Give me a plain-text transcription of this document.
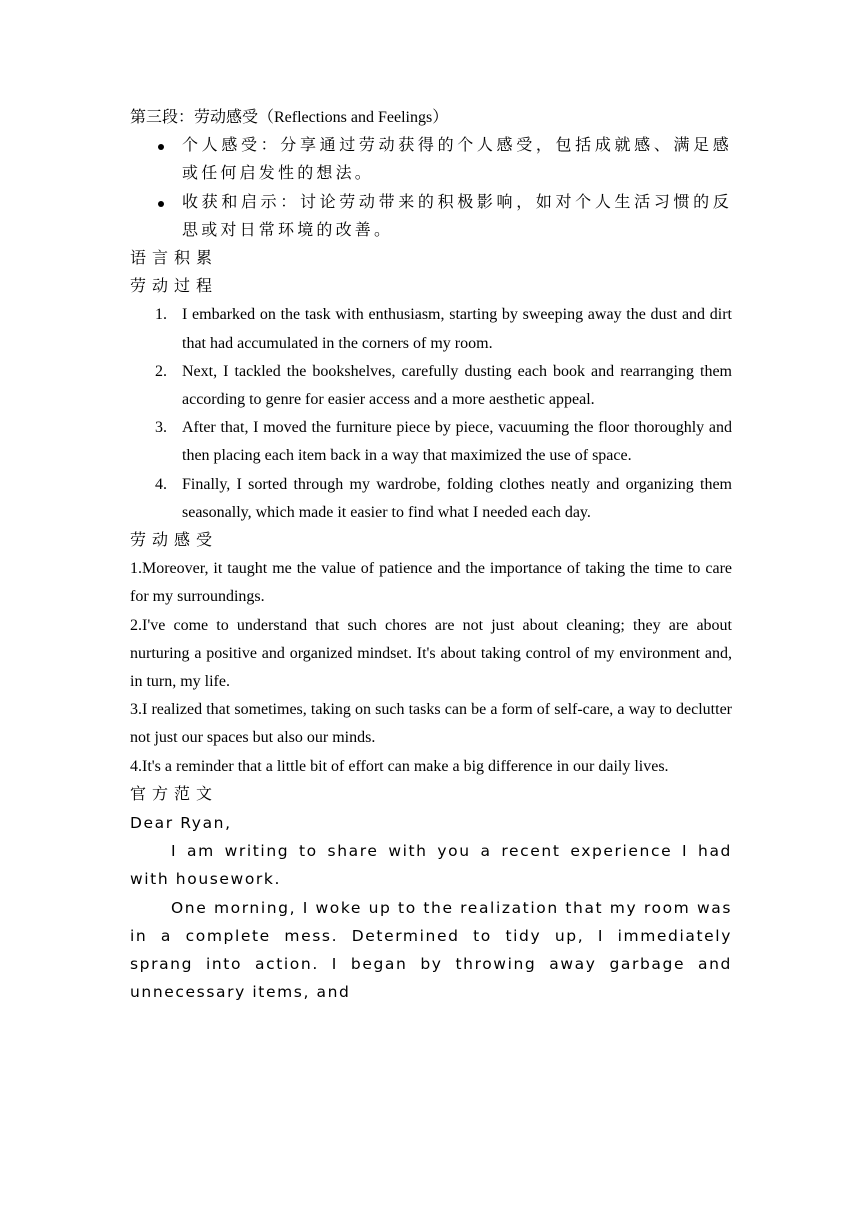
第三段：劳动感受（Reflections and Feelings）

个人感受：分享通过劳动获得的个人感受，包括成就感、满足感或任何启发性的想法。
收获和启示：讨论劳动带来的积极影响，如对个人生活习惯的反思或对日常环境的改善。

语言积累

劳动过程

1. I embarked on the task with enthusiasm, starting by sweeping away the dust and dirt that had accumulated in the corners of my room.
2. Next, I tackled the bookshelves, carefully dusting each book and rearranging them according to genre for easier access and a more aesthetic appeal.
3. After that, I moved the furniture piece by piece, vacuuming the floor thoroughly and then placing each item back in a way that maximized the use of space.
4. Finally, I sorted through my wardrobe, folding clothes neatly and organizing them seasonally, which made it easier to find what I needed each day.

劳动感受

1.Moreover, it taught me the value of patience and the importance of taking the time to care for my surroundings.

2.I've come to understand that such chores are not just about cleaning; they are about nurturing a positive and organized mindset. It's about taking control of my environment and, in turn, my life.

3.I realized that sometimes, taking on such tasks can be a form of self-care, a way to declutter not just our spaces but also our minds.

4.It's a reminder that a little bit of effort can make a big difference in our daily lives.

官方范文

Dear Ryan,

I am writing to share with you a recent experience I had with housework.

One morning, I woke up to the realization that my room was in a complete mess. Determined to tidy up, I immediately sprang into action. I began by throwing away garbage and unnecessary items, and
